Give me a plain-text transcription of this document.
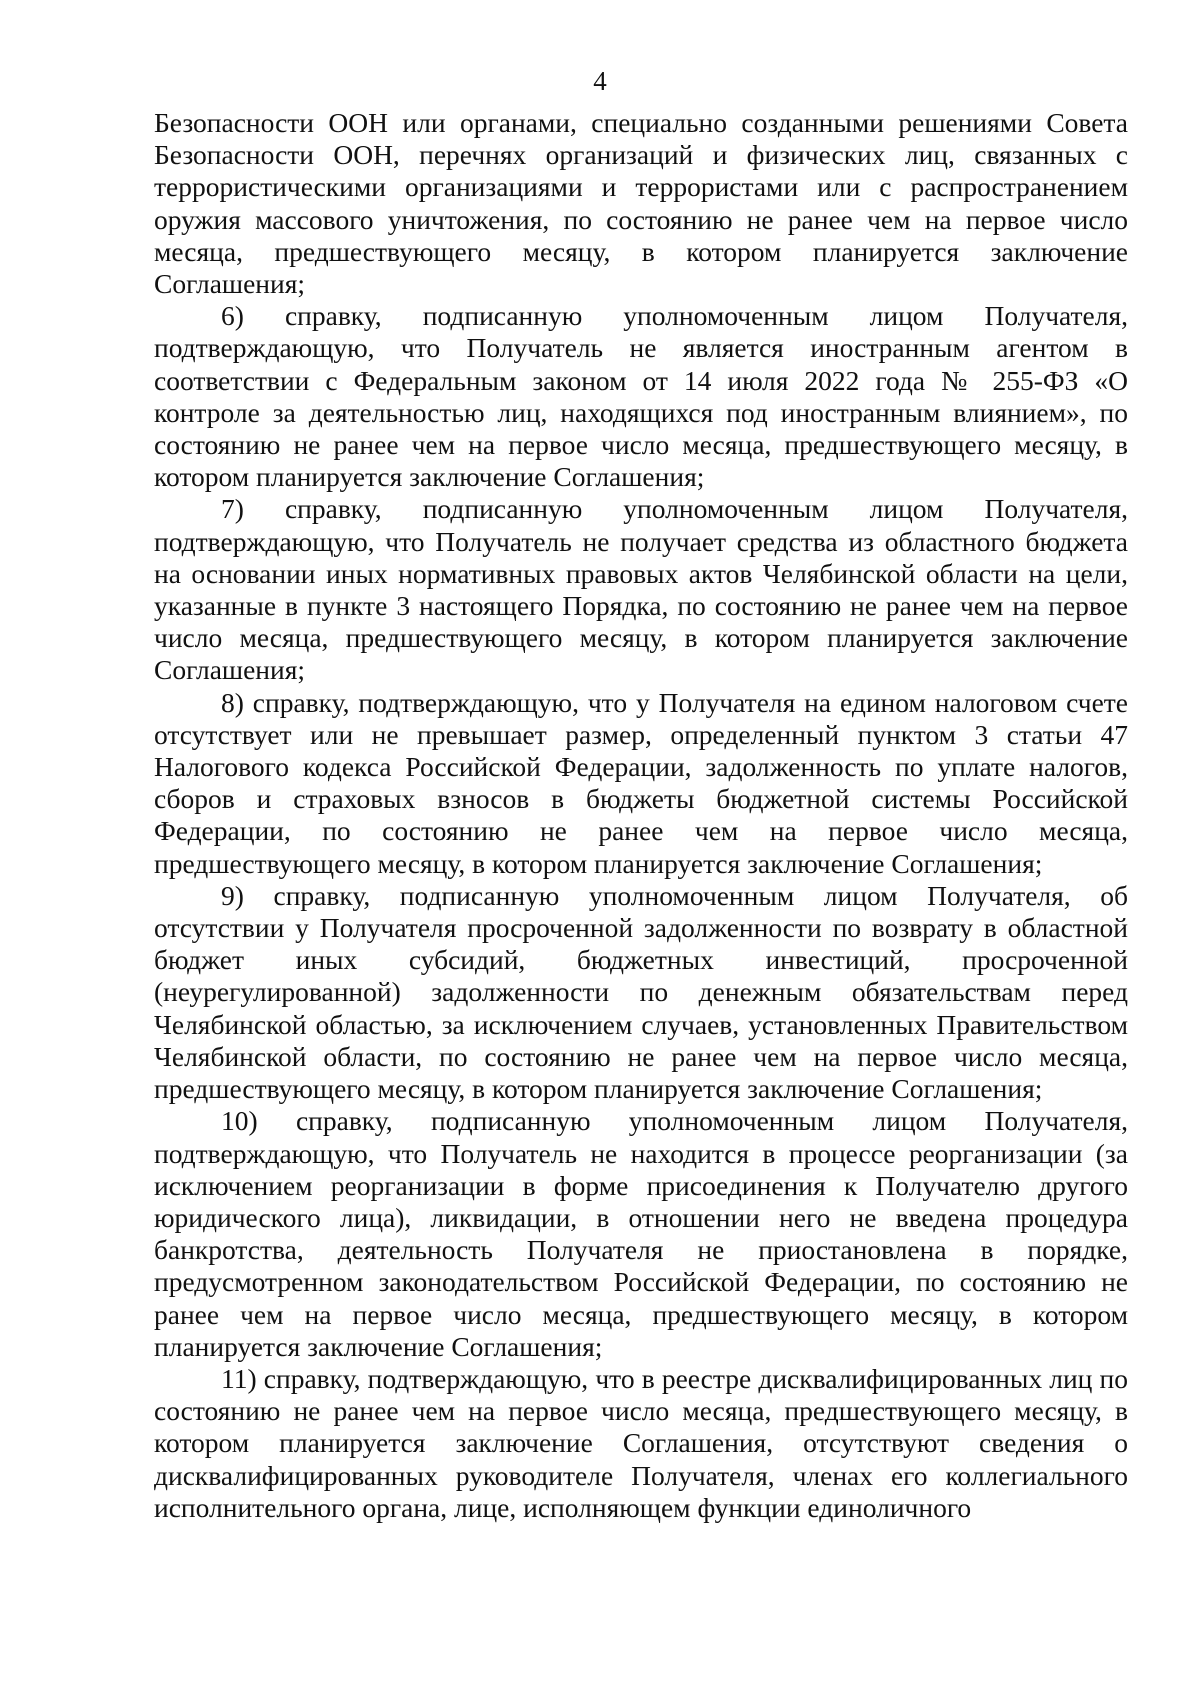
4

Безопасности ООН или органами, специально созданными решениями Совета Безопасности ООН, перечнях организаций и физических лиц, связанных с террористическими организациями и террористами или с распространением оружия массового уничтожения, по состоянию не ранее чем на первое число месяца, предшествующего месяцу, в котором планируется заключение Соглашения;

6) справку, подписанную уполномоченным лицом Получателя, подтверждающую, что Получатель не является иностранным агентом в соответствии с Федеральным законом от 14 июля 2022 года № 255-ФЗ «О контроле за деятельностью лиц, находящихся под иностранным влиянием», по состоянию не ранее чем на первое число месяца, предшествующего месяцу, в котором планируется заключение Соглашения;

7) справку, подписанную уполномоченным лицом Получателя, подтверждающую, что Получатель не получает средства из областного бюджета на основании иных нормативных правовых актов Челябинской области на цели, указанные в пункте 3 настоящего Порядка, по состоянию не ранее чем на первое число месяца, предшествующего месяцу, в котором планируется заключение Соглашения;

8) справку, подтверждающую, что у Получателя на едином налоговом счете отсутствует или не превышает размер, определенный пунктом 3 статьи 47 Налогового кодекса Российской Федерации, задолженность по уплате налогов, сборов и страховых взносов в бюджеты бюджетной системы Российской Федерации, по состоянию не ранее чем на первое число месяца, предшествующего месяцу, в котором планируется заключение Соглашения;

9) справку, подписанную уполномоченным лицом Получателя, об отсутствии у Получателя просроченной задолженности по возврату в областной бюджет иных субсидий, бюджетных инвестиций, просроченной (неурегулированной) задолженности по денежным обязательствам перед Челябинской областью, за исключением случаев, установленных Правительством Челябинской области, по состоянию не ранее чем на первое число месяца, предшествующего месяцу, в котором планируется заключение Соглашения;

10) справку, подписанную уполномоченным лицом Получателя, подтверждающую, что Получатель не находится в процессе реорганизации (за исключением реорганизации в форме присоединения к Получателю другого юридического лица), ликвидации, в отношении него не введена процедура банкротства, деятельность Получателя не приостановлена в порядке, предусмотренном законодательством Российской Федерации, по состоянию не ранее чем на первое число месяца, предшествующего месяцу, в котором планируется заключение Соглашения;

11) справку, подтверждающую, что в реестре дисквалифицированных лиц по состоянию не ранее чем на первое число месяца, предшествующего месяцу, в котором планируется заключение Соглашения, отсутствуют сведения о дисквалифицированных руководителе Получателя, членах его коллегиального исполнительного органа, лице, исполняющем функции единоличного
